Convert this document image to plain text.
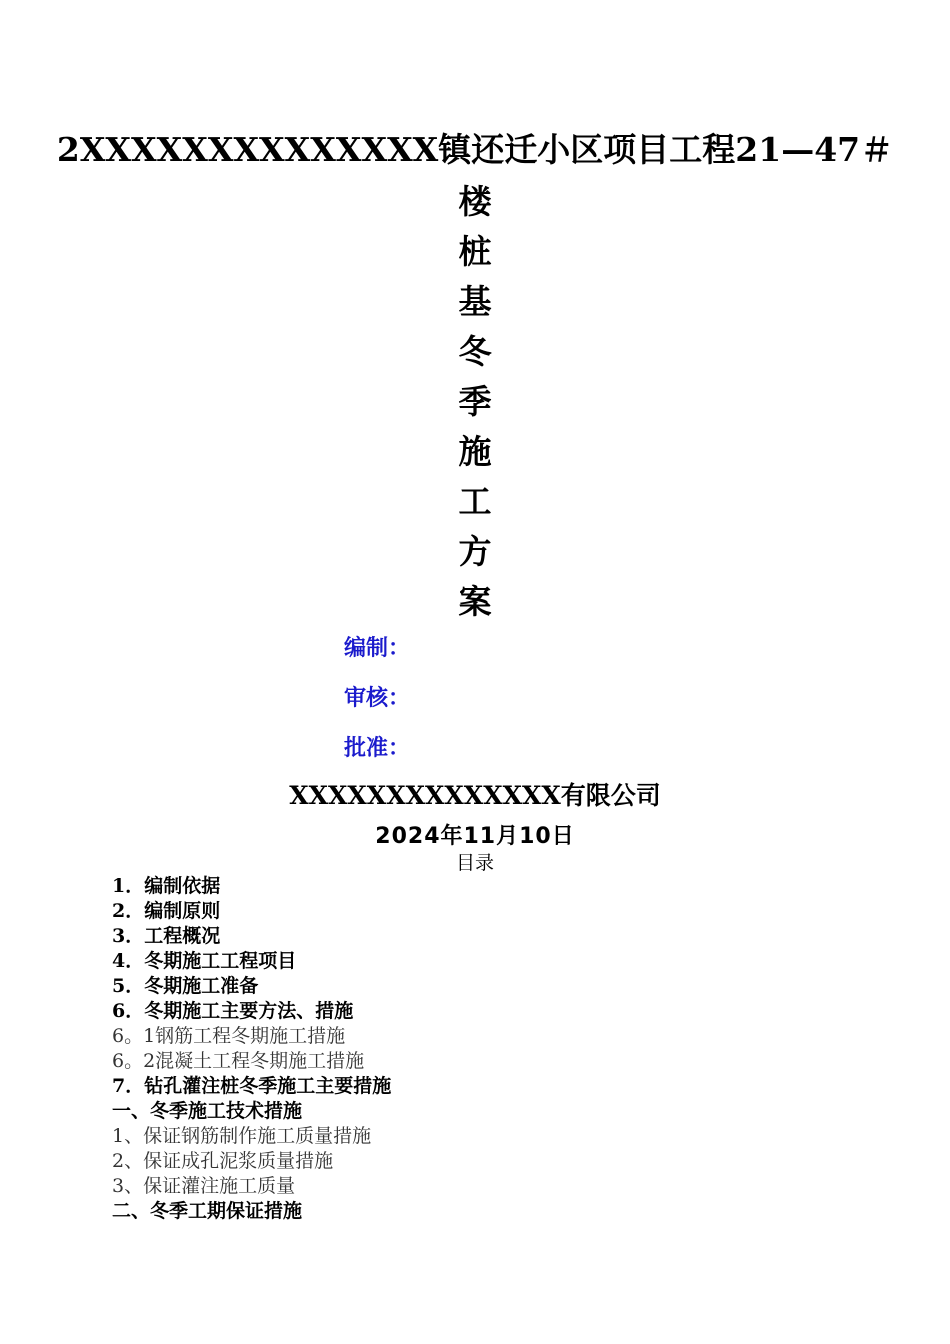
2XXXXXXXXXXXXXX镇还迁小区项目工程21—47＃
楼
桩
基
冬
季
施
工
方
案
编制：
审核：
批准：
XXXXXXXXXXXXXX有限公司
2024年11月10日
目录
1．编制依据
2．编制原则
3．工程概况
4．冬期施工工程项目
5．冬期施工准备
6．冬期施工主要方法、措施
6。1钢筋工程冬期施工措施
6。2混凝土工程冬期施工措施
7．钻孔灌注桩冬季施工主要措施
一、冬季施工技术措施
1、保证钢筋制作施工质量措施
2、保证成孔泥浆质量措施
3、保证灌注施工质量
二、冬季工期保证措施
